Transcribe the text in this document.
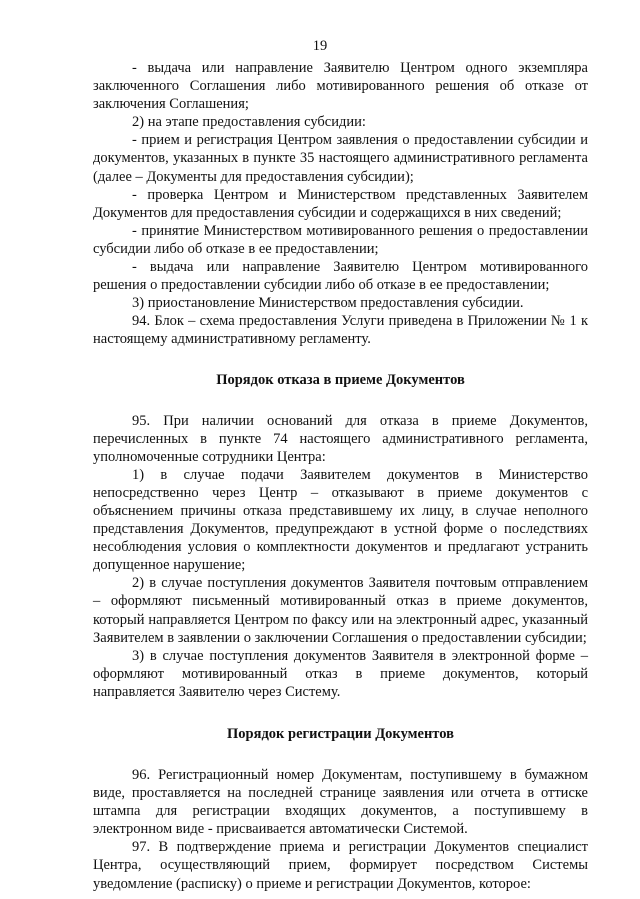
19

- выдача или направление Заявителю Центром одного экземпляра заключенного Соглашения либо мотивированного решения об отказе от заключения Соглашения;

2) на этапе предоставления субсидии:

- прием и регистрация Центром заявления о предоставлении субсидии и документов, указанных в пункте 35 настоящего административного регламента (далее – Документы для предоставления субсидии);

- проверка Центром и Министерством представленных Заявителем Документов для предоставления субсидии и содержащихся в них сведений;

- принятие Министерством мотивированного решения о предоставлении субсидии либо об отказе в ее предоставлении;

- выдача или направление Заявителю Центром мотивированного решения о предоставлении субсидии либо об отказе в ее предоставлении;

3) приостановление Министерством предоставления субсидии.

94. Блок – схема предоставления Услуги приведена в Приложении № 1 к настоящему административному регламенту.

Порядок отказа в приеме Документов

95. При наличии оснований для отказа в приеме Документов, перечисленных в пункте 74 настоящего административного регламента, уполномоченные сотрудники Центра:

1) в случае подачи Заявителем документов в Министерство непосредственно через Центр – отказывают в приеме документов с объяснением причины отказа представившему их лицу, в случае неполного представления Документов, предупреждают в устной форме о последствиях несоблюдения условия о комплектности документов и предлагают устранить допущенное нарушение;

2) в случае поступления документов Заявителя почтовым отправлением – оформляют письменный мотивированный отказ в приеме документов, который направляется Центром по факсу или на электронный адрес, указанный Заявителем в заявлении о заключении Соглашения о предоставлении субсидии;

3) в случае поступления документов Заявителя в электронной форме – оформляют мотивированный отказ в приеме документов, который направляется Заявителю через Систему.

Порядок регистрации Документов

96. Регистрационный номер Документам, поступившему в бумажном виде, проставляется на последней странице заявления или отчета в оттиске штампа для регистрации входящих документов, а поступившему в электронном виде - присваивается автоматически Системой.

97. В подтверждение приема и регистрации Документов специалист Центра, осуществляющий прием, формирует посредством Системы уведомление (расписку) о приеме и регистрации Документов, которое:
